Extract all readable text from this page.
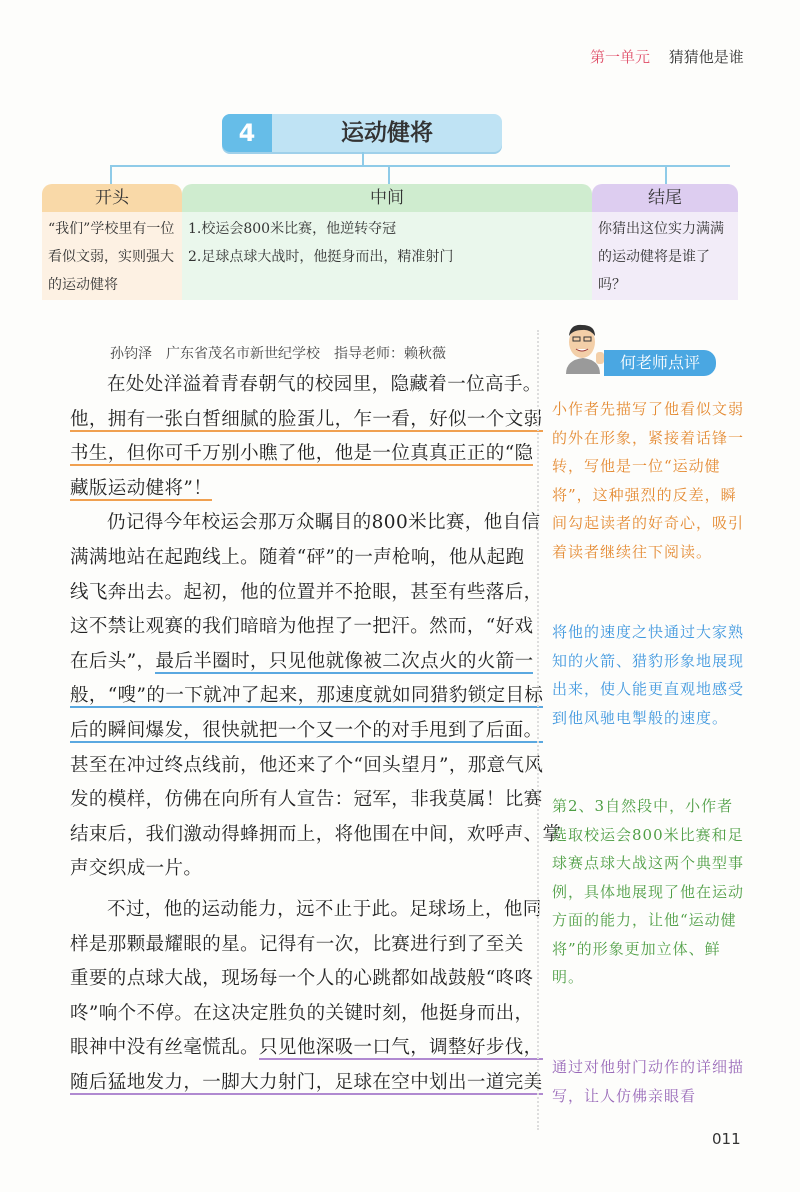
第一单元 猜猜他是谁
4	运动健将
开头
“我们”学校里有一位看似文弱，实则强大的运动健将
中间
1.校运会800米比赛，他逆转夺冠
2.足球点球大战时，他挺身而出，精准射门
结尾
你猜出这位实力满满的运动健将是谁了吗？
孙钧泽　广东省茂名市新世纪学校　指导老师：赖秋薇
在处处洋溢着青春朝气的校园里，隐藏着一位高手。
他，拥有一张白皙细腻的脸蛋儿，乍一看，好似一个文弱
书生，但你可千万别小瞧了他，他是一位真真正正的“隐
藏版运动健将”！
仍记得今年校运会那万众瞩目的800米比赛，他自信
满满地站在起跑线上。随着“砰”的一声枪响，他从起跑
线飞奔出去。起初，他的位置并不抢眼，甚至有些落后，
这不禁让观赛的我们暗暗为他捏了一把汗。然而，“好戏
在后头”，最后半圈时，只见他就像被二次点火的火箭一
般，“嗖”的一下就冲了起来，那速度就如同猎豹锁定目标
后的瞬间爆发，很快就把一个又一个的对手甩到了后面。
甚至在冲过终点线前，他还来了个“回头望月”，那意气风
发的模样，仿佛在向所有人宣告：冠军，非我莫属！比赛
结束后，我们激动得蜂拥而上，将他围在中间，欢呼声、掌
声交织成一片。
不过，他的运动能力，远不止于此。足球场上，他同
样是那颗最耀眼的星。记得有一次，比赛进行到了至关
重要的点球大战，现场每一个人的心跳都如战鼓般“咚咚
咚”响个不停。在这决定胜负的关键时刻，他挺身而出，
眼神中没有丝毫慌乱。只见他深吸一口气，调整好步伐，
随后猛地发力，一脚大力射门，足球在空中划出一道完美
何老师点评
小作者先描写了他看似文弱的外在形象，紧接着话锋一转，写他是一位“运动健将”，这种强烈的反差，瞬间勾起读者的好奇心，吸引着读者继续往下阅读。
将他的速度之快通过大家熟知的火箭、猎豹形象地展现出来，使人能更直观地感受到他风驰电掣般的速度。
第2、3自然段中，小作者选取校运会800米比赛和足球赛点球大战这两个典型事例，具体地展现了他在运动方面的能力，让他“运动健将”的形象更加立体、鲜明。
通过对他射门动作的详细描写，让人仿佛亲眼看
011
